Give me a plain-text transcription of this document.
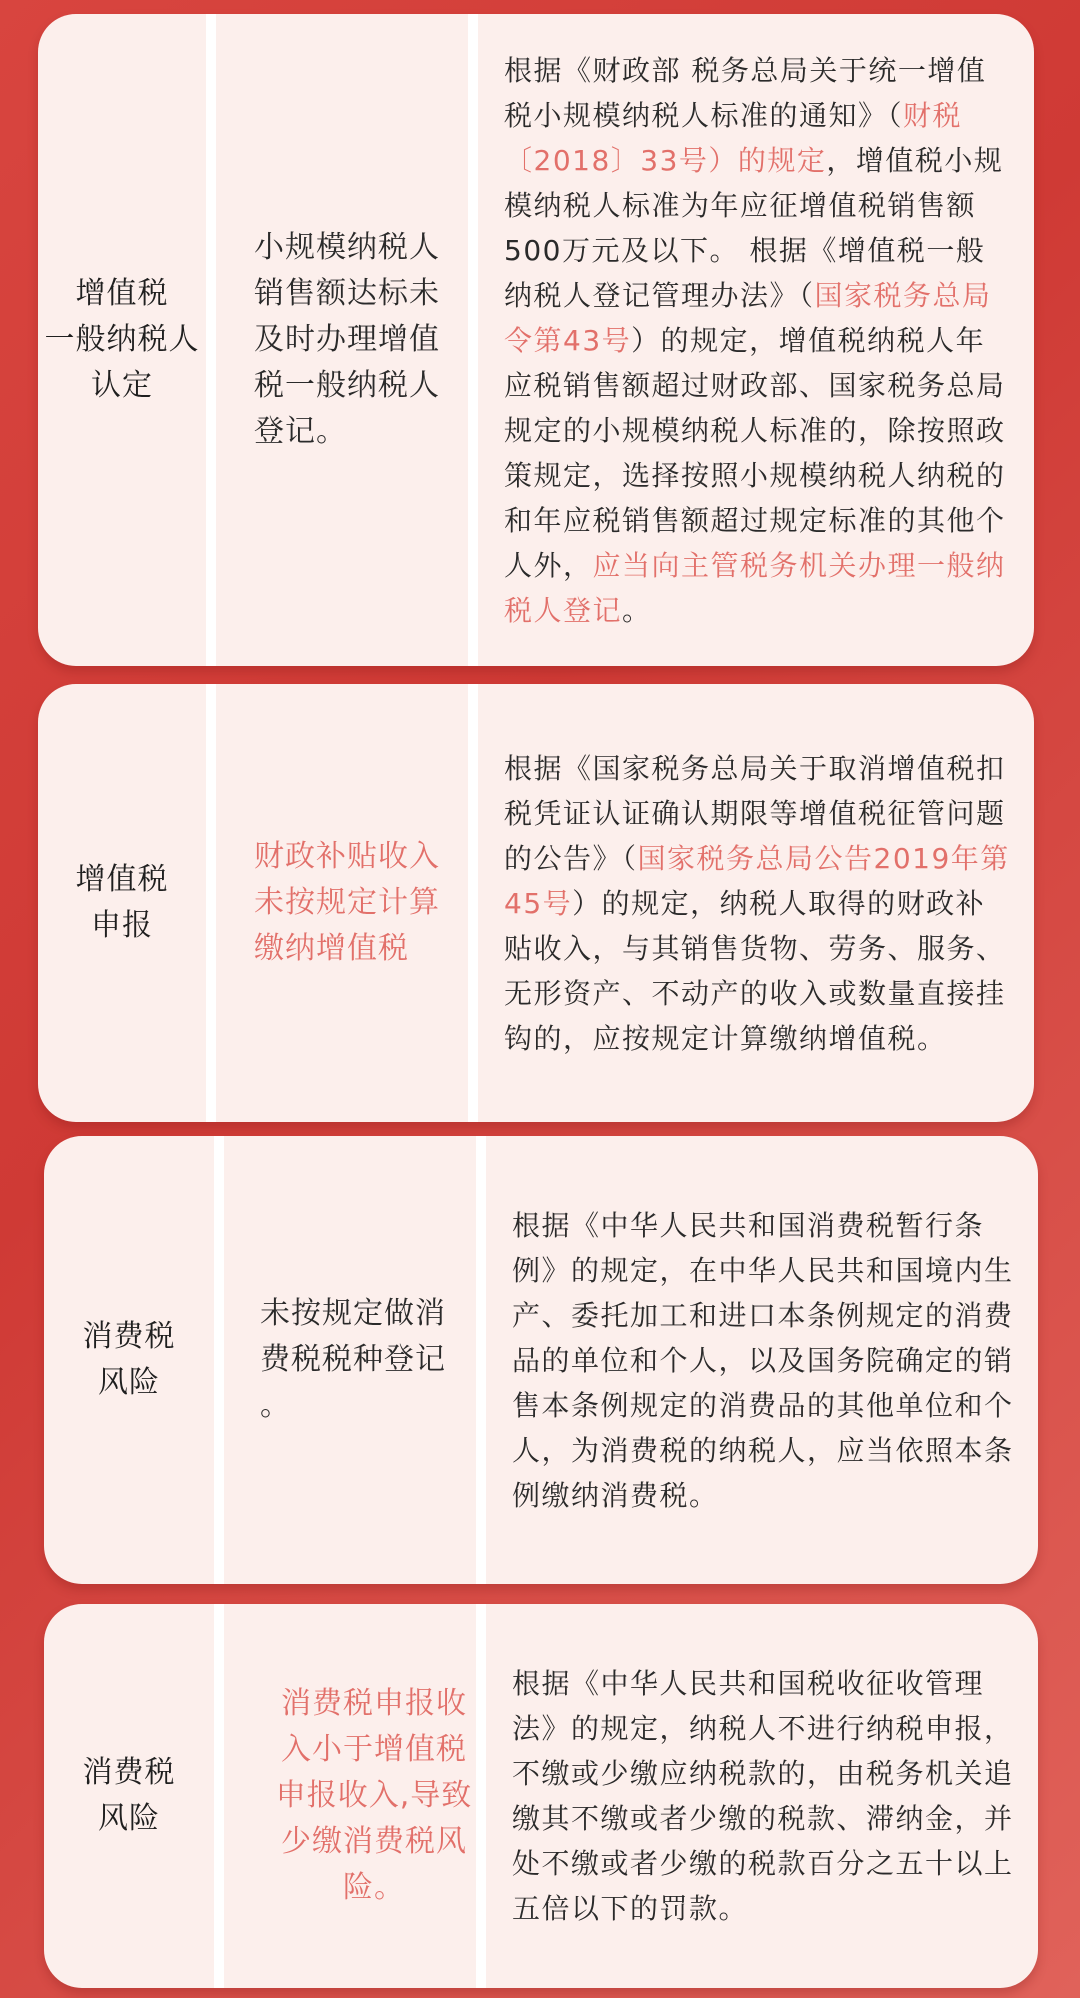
增值税
一般纳税人
认定
小规模纳税人
销售额达标未
及时办理增值
税一般纳税人
登记。

根据《财政部 税务总局关于统一增值税小规模纳税人标准的通知》（财税〔2018〕33号）的规定，增值税小规模纳税人标准为年应征增值税销售额500万元及以下。 根据《增值税一般纳税人登记管理办法》（国家税务总局令第43号）的规定，增值税纳税人年应税销售额超过财政部、国家税务总局规定的小规模纳税人标准的，除按照政策规定，选择按照小规模纳税人纳税的和年应税销售额超过规定标准的其他个人外，应当向主管税务机关办理一般纳税人登记。

增值税
申报
财政补贴收入
未按规定计算
缴纳增值税

根据《国家税务总局关于取消增值税扣税凭证认证确认期限等增值税征管问题的公告》（国家税务总局公告2019年第45号）的规定，纳税人取得的财政补贴收入，与其销售货物、劳务、服务、无形资产、不动产的收入或数量直接挂钩的，应按规定计算缴纳增值税。

消费税
风险
未按规定做消
费税税种登记
。

根据《中华人民共和国消费税暂行条例》的规定，在中华人民共和国境内生产、委托加工和进口本条例规定的消费品的单位和个人，以及国务院确定的销售本条例规定的消费品的其他单位和个人，为消费税的纳税人，应当依照本条例缴纳消费税。

消费税
风险
消费税申报收
入小于增值税
申报收入,导致
少缴消费税风
险。

根据《中华人民共和国税收征收管理法》的规定，纳税人不进行纳税申报，不缴或少缴应纳税款的，由税务机关追缴其不缴或者少缴的税款、滞纳金，并处不缴或者少缴的税款百分之五十以上五倍以下的罚款。
